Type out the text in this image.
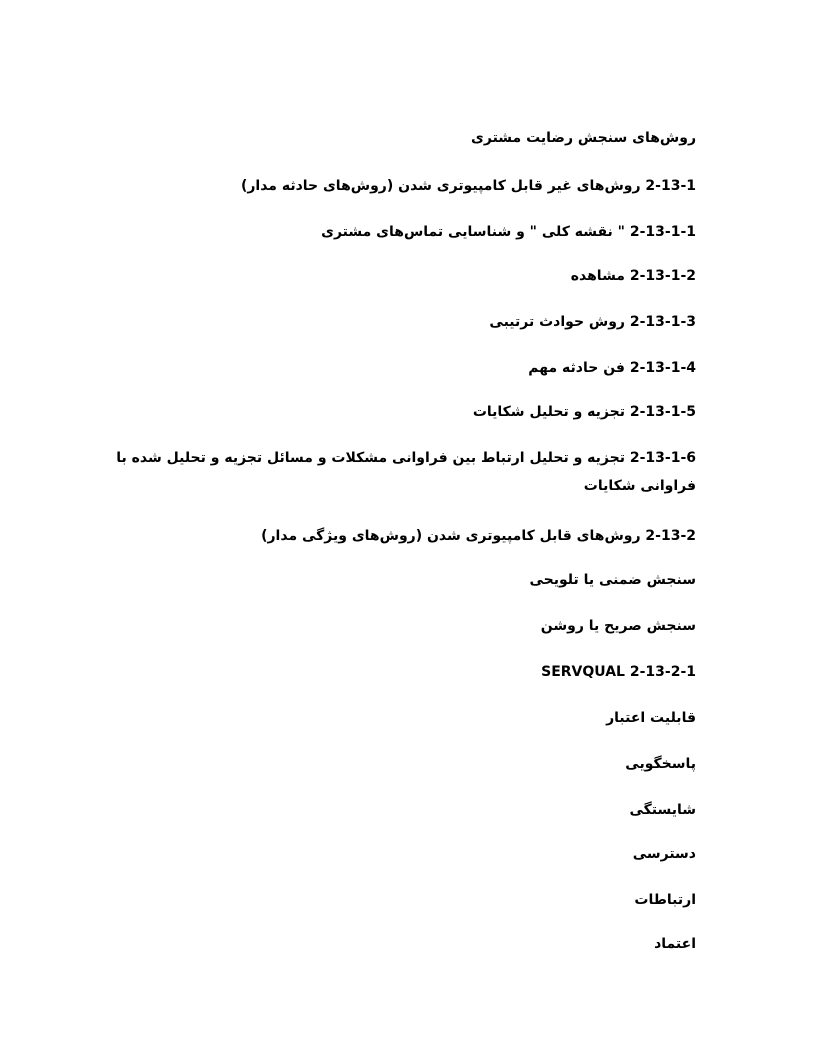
روش‌های سنجش رضایت مشتری
2-13-1 روش‌های غیر قابل کامپیوتری شدن (روش‌های حادثه مدار)
2-13-1-1 " نقشه کلی " و شناسایی تماس‌های مشتری
2-13-1-2 مشاهده
2-13-1-3 روش حوادث ترتیبی
2-13-1-4 فن حادثه مهم
2-13-1-5 تجزیه و تحلیل شکایات
2-13-1-6 تجزیه و تحلیل ارتباط بین فراوانی مشکلات و مسائل تجزیه و تحلیل شده با فراوانی شکایات
2-13-2 روش‌های قابل کامپیوتری شدن (روش‌های ویژگی مدار)
سنجش ضمنی یا تلویحی
سنجش صریح یا روشن
2-13-2-1 SERVQUAL
قابلیت اعتبار
پاسخگویی
شایستگی
دسترسی
ارتباطات
اعتماد
